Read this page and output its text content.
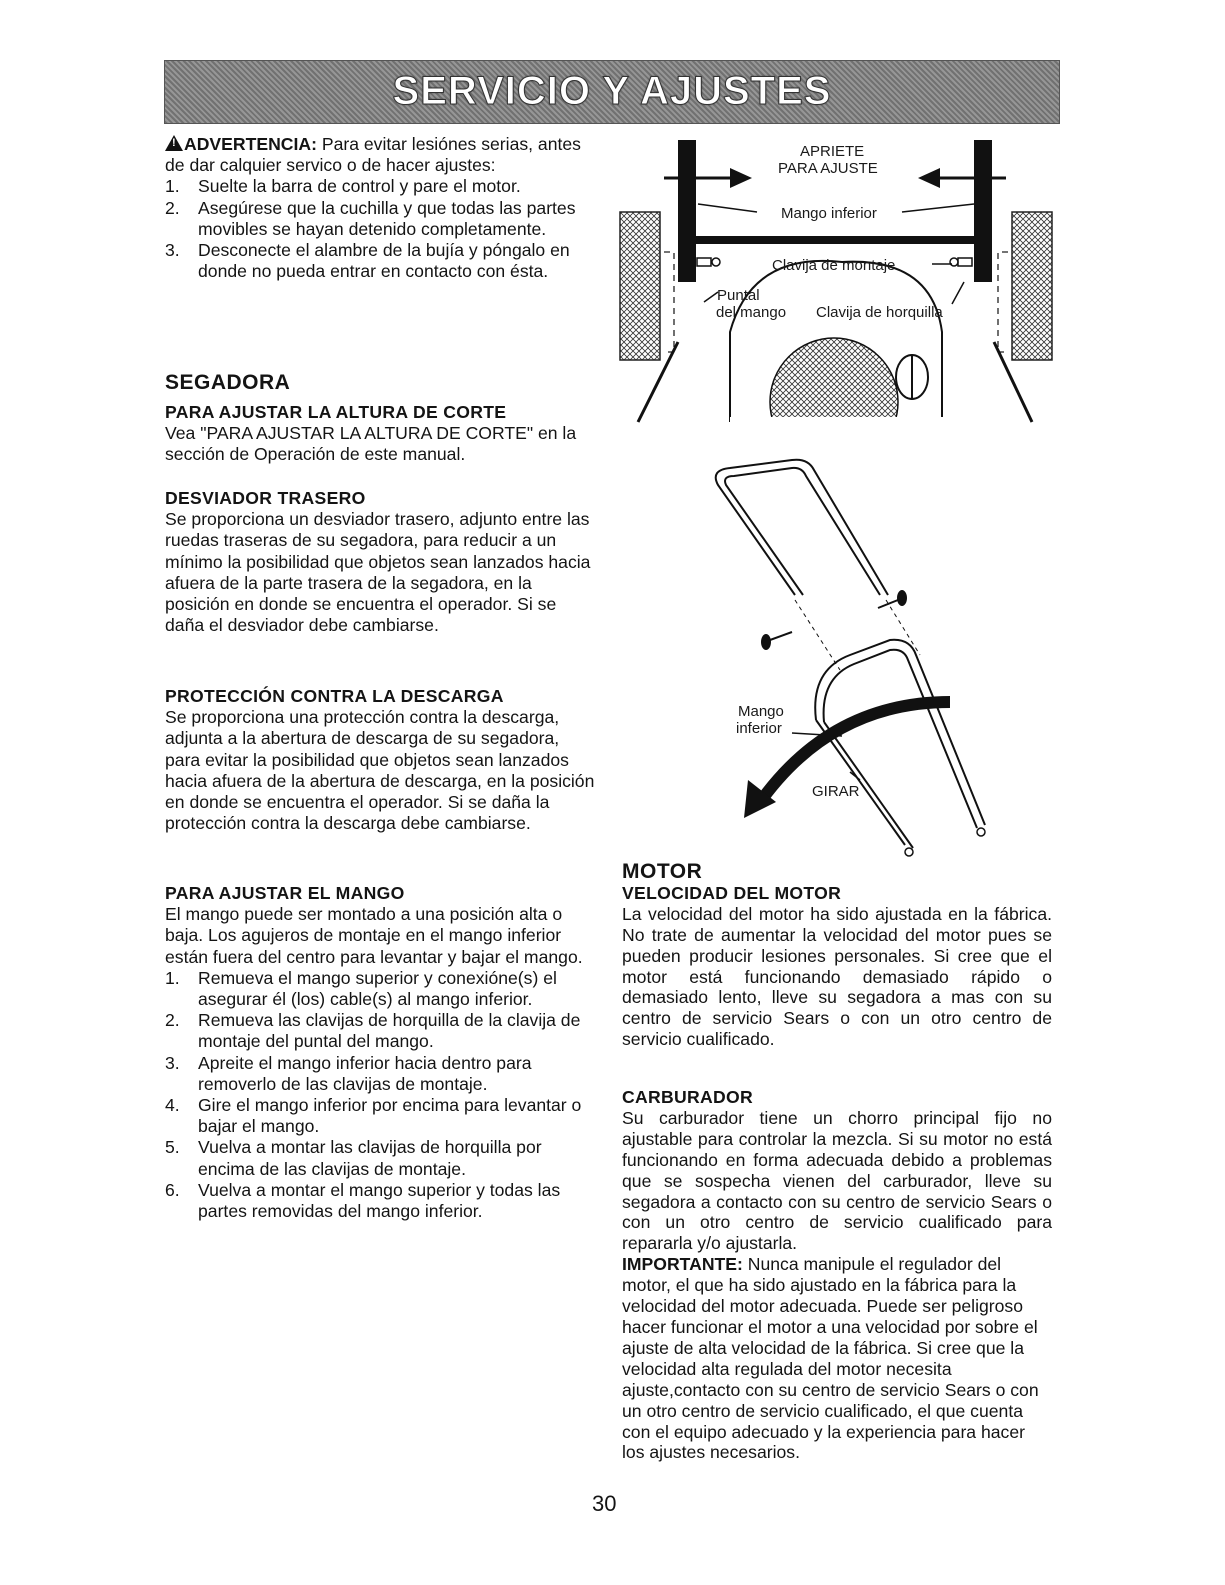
SERVICIO Y AJUSTES

!ADVERTENCIA: Para evitar lesiónes serias, antes de dar calquier servico o de hacer ajustes:

1. Suelte la barra de control y pare el motor.
2. Asegúrese que la cuchilla y que todas las partes movibles se hayan detenido completamente.
3. Desconecte el alambre de la bujía y póngalo en donde no pueda entrar en contacto con ésta.

SEGADORA

PARA AJUSTAR LA ALTURA DE CORTE

Vea "PARA AJUSTAR LA ALTURA DE CORTE" en la sección de Operación de este manual.

DESVIADOR TRASERO

Se proporciona un desviador trasero, adjunto entre las ruedas traseras de su segadora, para reducir a un mínimo la posibilidad que objetos sean lanzados hacia afuera de la parte trasera de la segadora, en la posición en donde se encuentra el operador. Si se daña el desviador debe cambiarse.

PROTECCIÓN CONTRA LA DESCARGA

Se proporciona una protección contra la descarga, adjunta a la abertura de descarga de su segadora, para evitar la posibilidad que objetos sean lanzados hacia afuera de la abertura de descarga, en la posición en donde se encuentra el operador. Si se daña la protección contra la descarga debe cambiarse.

PARA AJUSTAR EL MANGO

El mango puede ser montado a una posición alta o baja. Los agujeros de montaje en el mango inferior están fuera del centro para levantar y bajar el mango.

1. Remueva el mango superior y conexióne(s) el asegurar él (los) cable(s) al mango inferior.
2. Remueva las clavijas de horquilla de la clavija de montaje del puntal del mango.
3. Apreite el mango inferior hacia dentro para removerlo de las clavijas de montaje.
4. Gire el mango inferior por encima para levantar o bajar el mango.
5. Vuelva a montar las clavijas de horquilla por encima de las clavijas de montaje.
6. Vuelva a montar el mango superior y todas las partes removidas del mango inferior.
APRIETE
PARA AJUSTE
Mango inferior
Clavija de montaje
Puntal
del mango Clavija de horquilla
Mango
inferior
GIRAR

MOTOR

VELOCIDAD DEL MOTOR

La velocidad del motor ha sido ajustada en la fábrica. No trate de aumentar la velocidad del motor pues se pueden producir lesiones personales. Si cree que el motor está funcionando demasiado rápido o demasiado lento, lleve su segadora a mas con su centro de servicio Sears o con un otro centro de servicio cualificado.

CARBURADOR

Su carburador tiene un chorro principal fijo no ajustable para controlar la mezcla. Si su motor no está funcionando en forma adecuada debido a problemas que se sospecha vienen del carburador, lleve su segadora a contacto con su centro de servicio Sears o con un otro centro de servicio cualificado para repararla y/o ajustarla.

IMPORTANTE: Nunca manipule el regulador del motor, el que ha sido ajustado en la fábrica para la velocidad del motor adecuada. Puede ser peligroso hacer funcionar el motor a una velocidad por sobre el ajuste de alta velocidad de la fábrica. Si cree que la velocidad alta regulada del motor necesita ajuste,contacto con su centro de servicio Sears o con un otro centro de servicio cualificado, el que cuenta con el equipo adecuado y la experiencia para hacer los ajustes necesarios.

30
